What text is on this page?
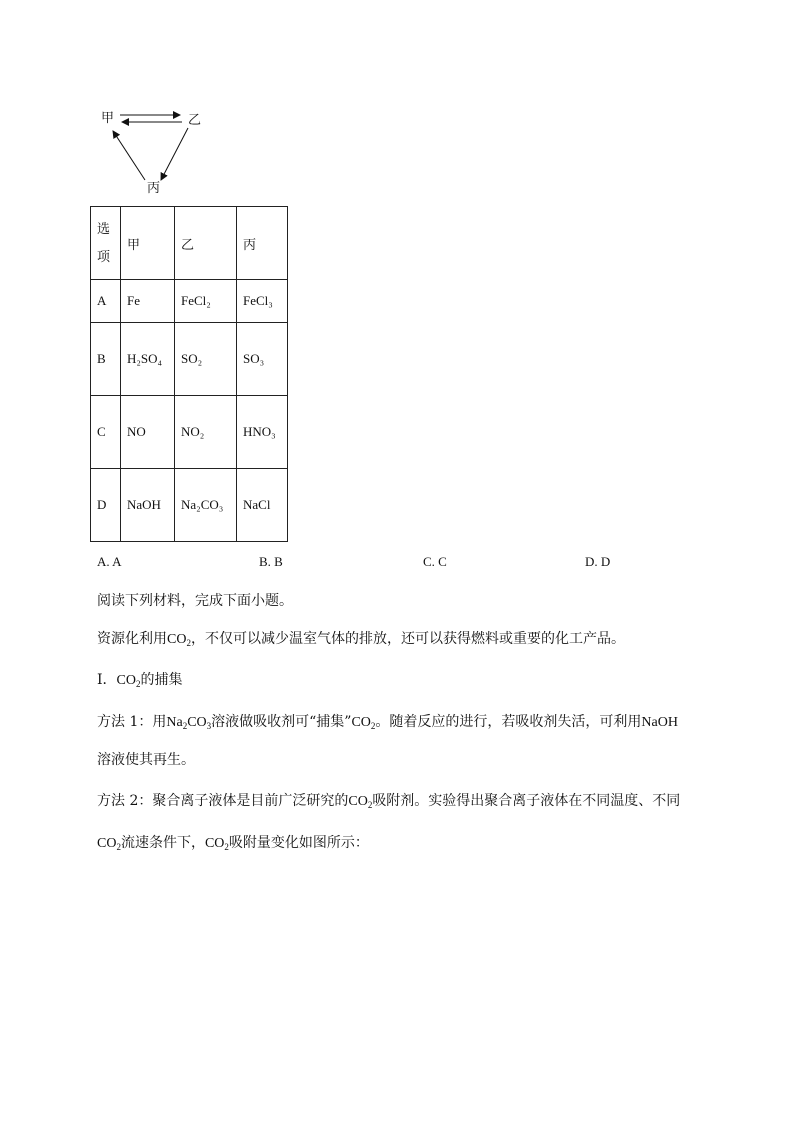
甲	乙
丙
选项	甲	乙	丙
A	Fe	FeCl₂	FeCl₃
B	H₂SO₄	SO₂	SO₃
C	NO	NO₂	HNO₃
D	NaOH	Na₂CO₃	NaCl
A. A	B. B	C. C	D. D
阅读下列材料，完成下面小题。
资源化利用$CO_2$，不仅可以减少温室气体的排放，还可以获得燃料或重要的化工产品。
Ⅰ．$CO_2$的捕集
方法 1：用$Na_2CO_3$溶液做吸收剂可“捕集$”CO_2$。随着反应的进行，若吸收剂失活，可利用NaOH
溶液使其再生。
方法 2：聚合离子液体是目前广泛研究的$CO_2$吸附剂。实验得出聚合离子液体在不同温度、不同
$CO_2$流速条件下，$CO_2$吸附量变化如图所示：
